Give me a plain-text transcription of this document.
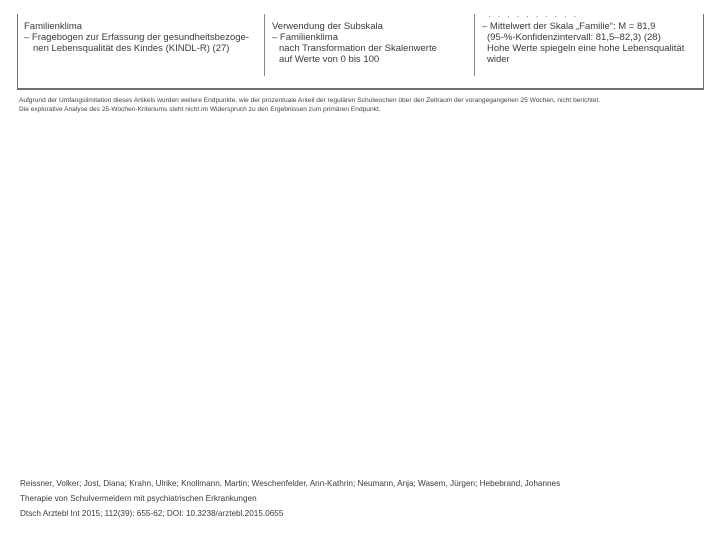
· · · · · · · · · ·
Familienklima
– Fragebogen zur Erfassung der gesundheitsbezoge-
nen Lebensqualität des Kindes (KINDL-R) (27)
Verwendung der Subskala
– Familienklima
nach Transformation der Skalenwerte
auf Werte von 0 bis 100
– Mittelwert der Skala „Familie“: M = 81,9
(95-%-Konfidenzintervall: 81,5–82,3) (28)
Hohe Werte spiegeln eine hohe Lebensqualität
wider
Aufgrund der Umfangslimitation dieses Artikels wurden weitere Endpunkte, wie der prozentuale Anteil der regulären Schulwochen über den Zeitraum der vorangegangenen 25 Wochen, nicht berichtet.
Die explorative Analyse des 25-Wochen-Kriteriums steht nicht im Widerspruch zu den Ergebnissen zum primären Endpunkt.
Reissner, Volker; Jost, Diana; Krahn, Ulrike; Knollmann, Martin; Weschenfelder, Ann-Kathrin; Neumann, Anja; Wasem, Jürgen; Hebebrand, Johannes
Therapie von Schulvermeidern mit psychiatrischen Erkrankungen
Dtsch Arztebl Int 2015; 112(39): 655-62; DOI: 10.3238/arztebl.2015.0655
